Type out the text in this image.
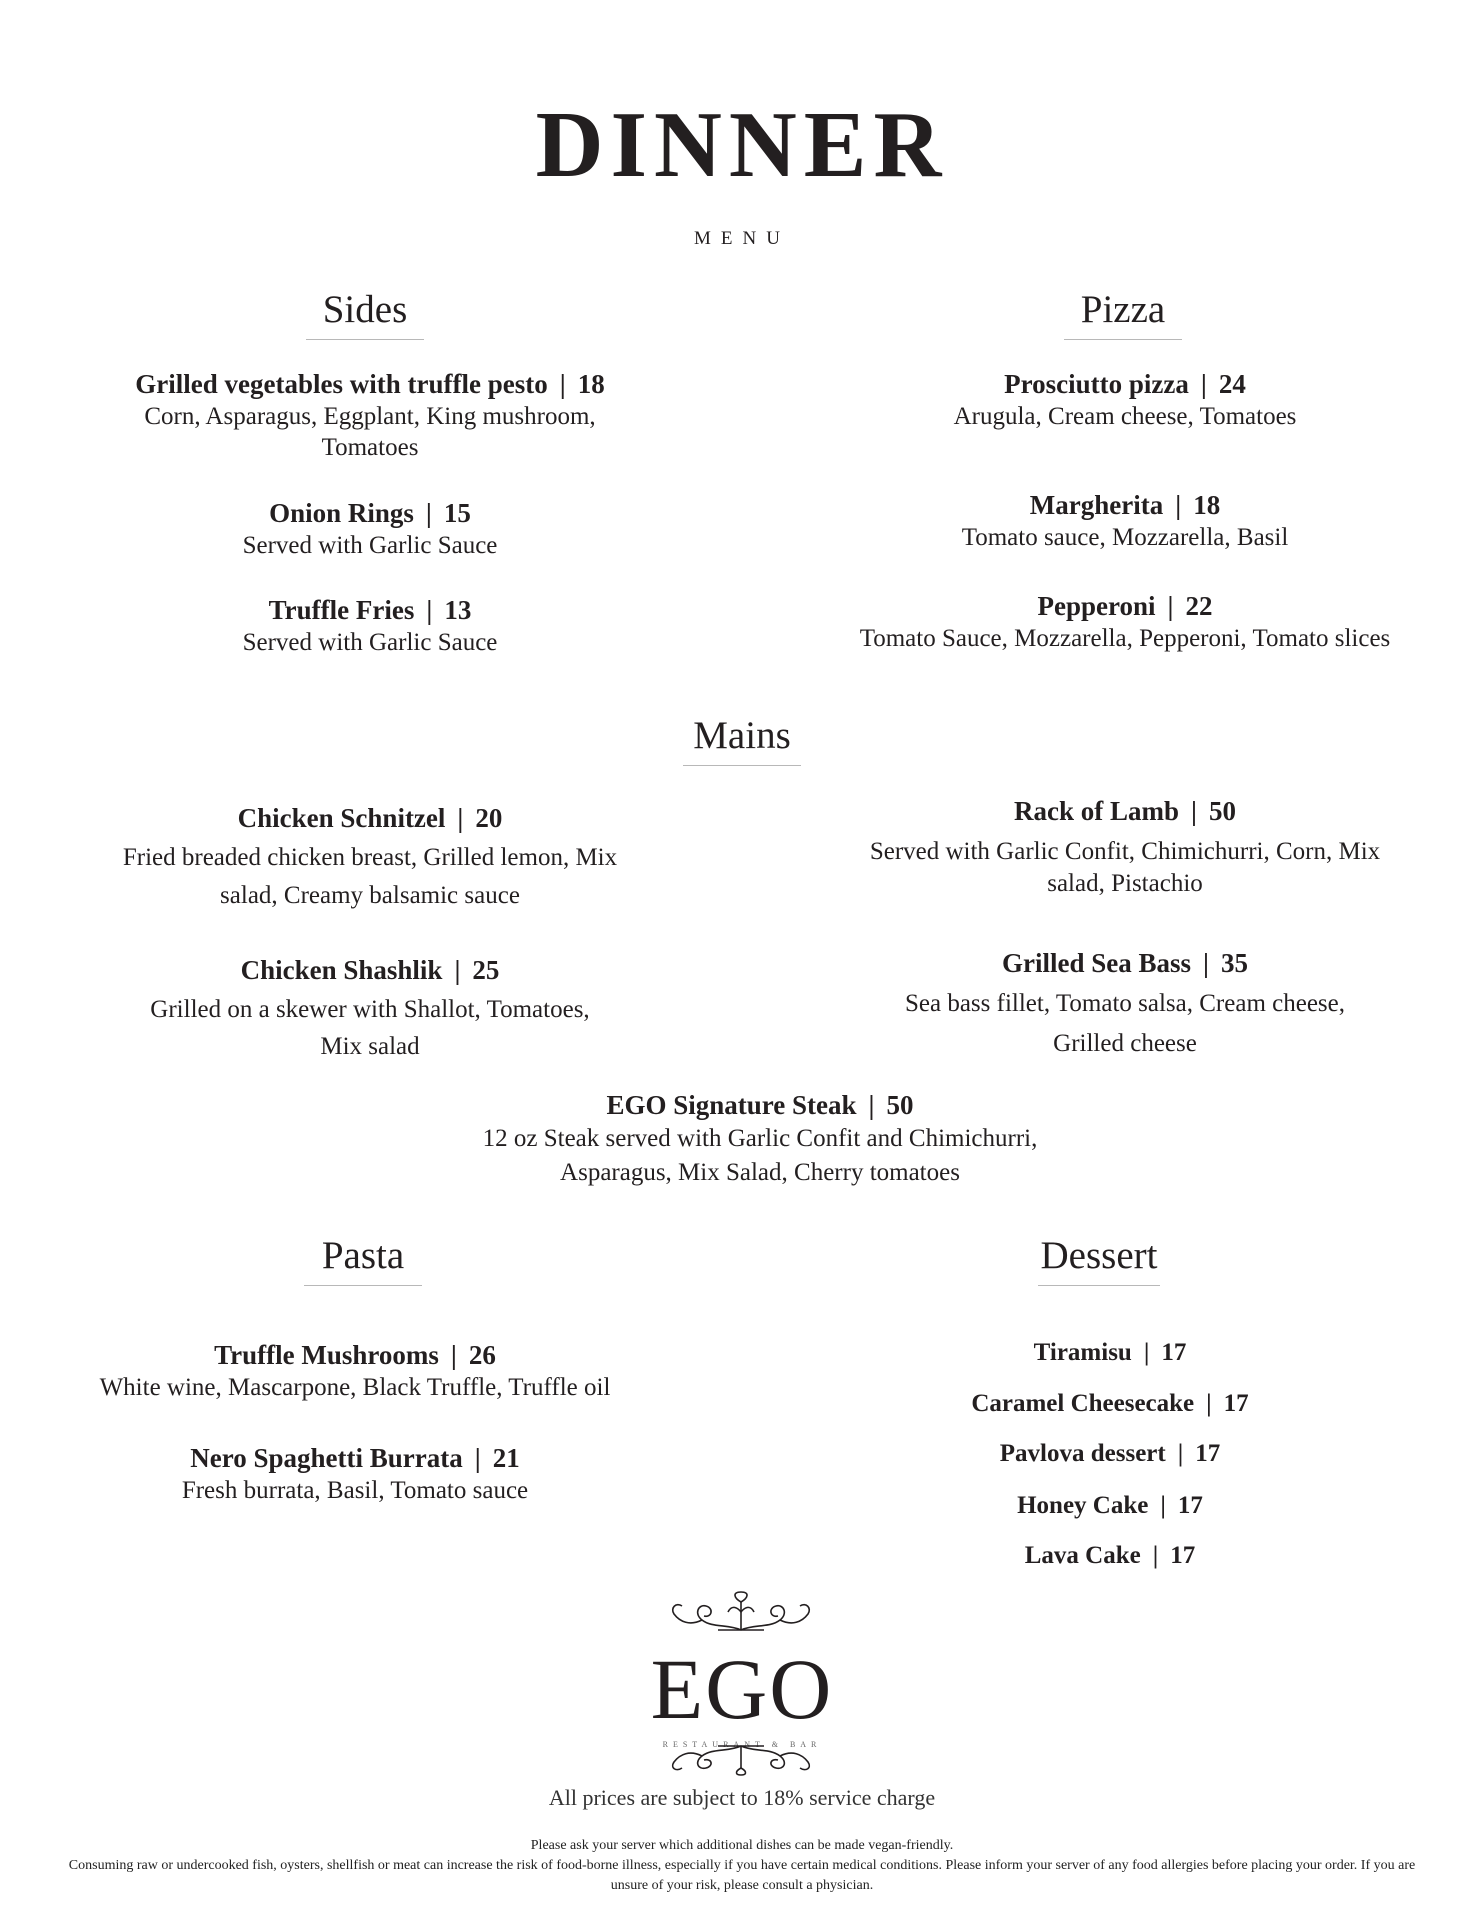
DINNER
MENU
Sides
Grilled vegetables with truffle pesto | 18
Corn, Asparagus, Eggplant, King mushroom, Tomatoes
Onion Rings | 15
Served with Garlic Sauce
Truffle Fries | 13
Served with Garlic Sauce
Pizza
Prosciutto pizza | 24
Arugula, Cream cheese, Tomatoes
Margherita | 18
Tomato sauce, Mozzarella, Basil
Pepperoni | 22
Tomato Sauce, Mozzarella, Pepperoni, Tomato slices
Mains
Chicken Schnitzel | 20
Fried breaded chicken breast, Grilled lemon, Mix salad, Creamy balsamic sauce
Rack of Lamb | 50
Served with Garlic Confit, Chimichurri, Corn, Mix salad, Pistachio
Chicken Shashlik | 25
Grilled on a skewer with Shallot, Tomatoes, Mix salad
Grilled Sea Bass | 35
Sea bass fillet, Tomato salsa, Cream cheese, Grilled cheese
EGO Signature Steak | 50
12 oz Steak served with Garlic Confit and Chimichurri, Asparagus, Mix Salad, Cherry tomatoes
Pasta
Truffle Mushrooms | 26
White wine, Mascarpone, Black Truffle, Truffle oil
Nero Spaghetti Burrata | 21
Fresh burrata, Basil, Tomato sauce
Dessert
Tiramisu | 17
Caramel Cheesecake | 17
Pavlova dessert | 17
Honey Cake | 17
Lava Cake | 17
EGO
RESTAURANT & BAR
All prices are subject to 18% service charge
Please ask your server which additional dishes can be made vegan-friendly.
Consuming raw or undercooked fish, oysters, shellfish or meat can increase the risk of food-borne illness, especially if you have certain medical conditions. Please inform your server of any food allergies before placing your order. If you are unsure of your risk, please consult a physician.
